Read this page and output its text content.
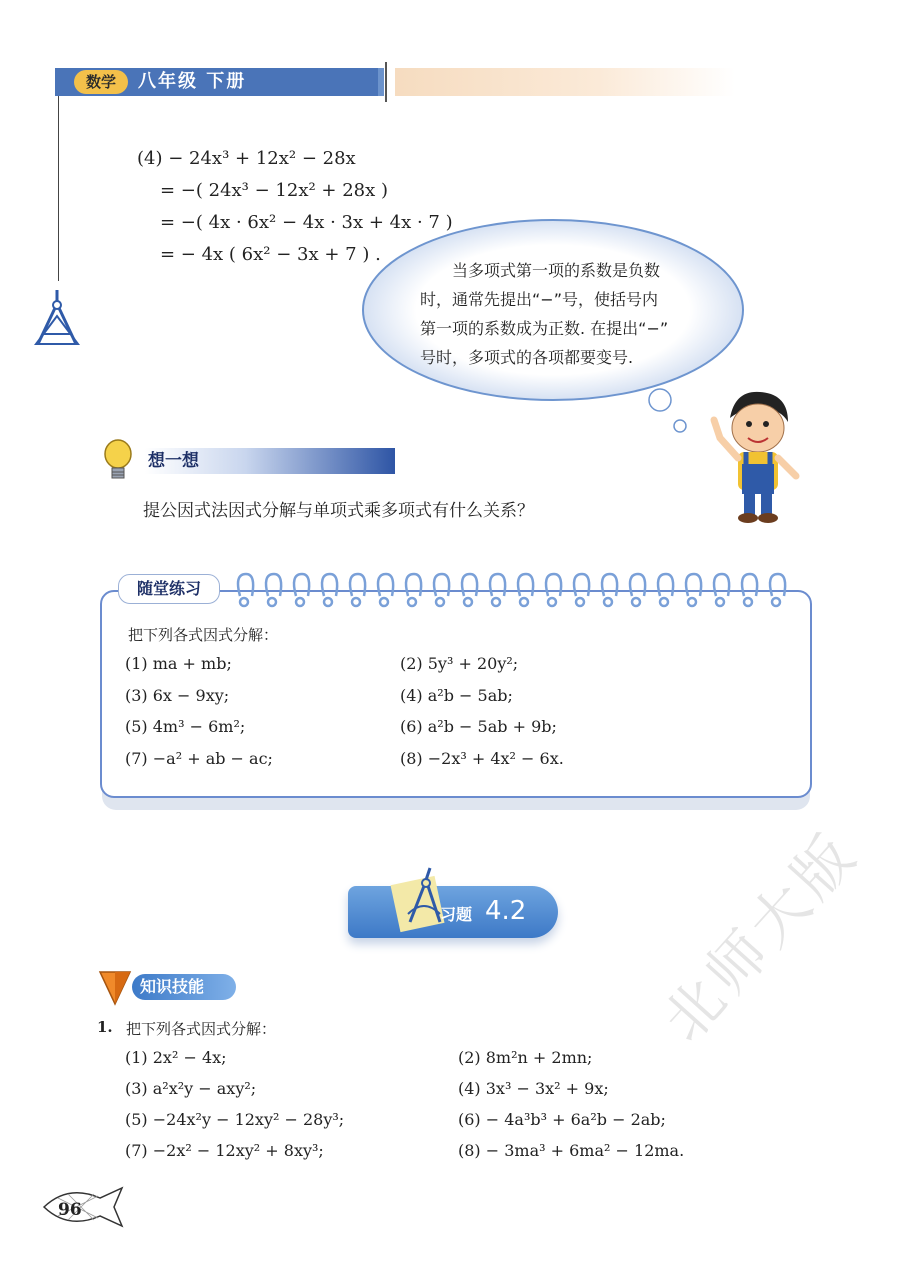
数学	八年级 下册
(4) − 24x³ + 12x² − 28x
= −( 24x³ − 12x² + 28x )
= −( 4x · 6x² − 4x · 3x + 4x · 7 )
= − 4x ( 6x² − 3x + 7 ) .
当多项式第一项的系数是负数
时，通常先提出“−”号，使括号内
第一项的系数成为正数. 在提出“−”
号时，多项式的各项都要变号.
想一想
提公因式法因式分解与单项式乘多项式有什么关系？
随堂练习
把下列各式因式分解：
(1) ma + mb;	(2) 5y³ + 20y²;
(3) 6x − 9xy;	(4) a²b − 5ab;
(5) 4m³ − 6m²;	(6) a²b − 5ab + 9b;
(7) −a² + ab − ac;	(8) −2x³ + 4x² − 6x.
习题 4.2
知识技能
1. 把下列各式因式分解：
(1) 2x² − 4x;	(2) 8m²n + 2mn;
(3) a²x²y − axy²;	(4) 3x³ − 3x² + 9x;
(5) −24x²y − 12xy² − 28y³;	(6) − 4a³b³ + 6a²b − 2ab;
(7) −2x² − 12xy² + 8xy³;	(8) − 3ma³ + 6ma² − 12ma.
96
北师大版
